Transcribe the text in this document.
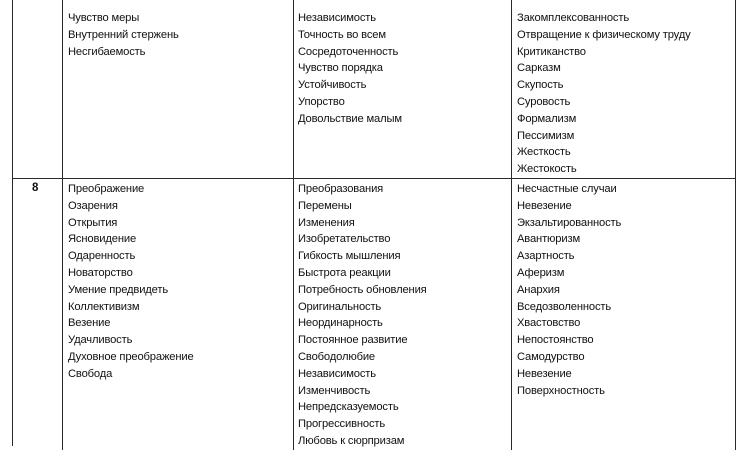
Чувство меры
Внутренний стержень
Несгибаемость
Независимость
Точность во всем
Сосредоточенность
Чувство порядка
Устойчивость
Упорство
Довольствие малым
Закомплексованность
Отвращение к физическому труду
Критиканство
Сарказм
Скупость
Суровость
Формализм
Пессимизм
Жесткость
Жестокость
8	Преображение
Озарения
Открытия
Ясновидение
Одаренность
Новаторство
Умение предвидеть
Коллективизм
Везение
Удачливость
Духовное преображение
Свобода
Преобразования
Перемены
Изменения
Изобретательство
Гибкость мышления
Быстрота реакции
Потребность обновления
Оригинальность
Неординарность
Постоянное развитие
Свободолюбие
Независимость
Изменчивость
Непредсказуемость
Прогрессивность
Любовь к сюрпризам
Несчастные случаи
Невезение
Экзальтированность
Авантюризм
Азартность
Аферизм
Анархия
Вседозволенность
Хвастовство
Непостоянство
Самодурство
Невезение
Поверхностность
